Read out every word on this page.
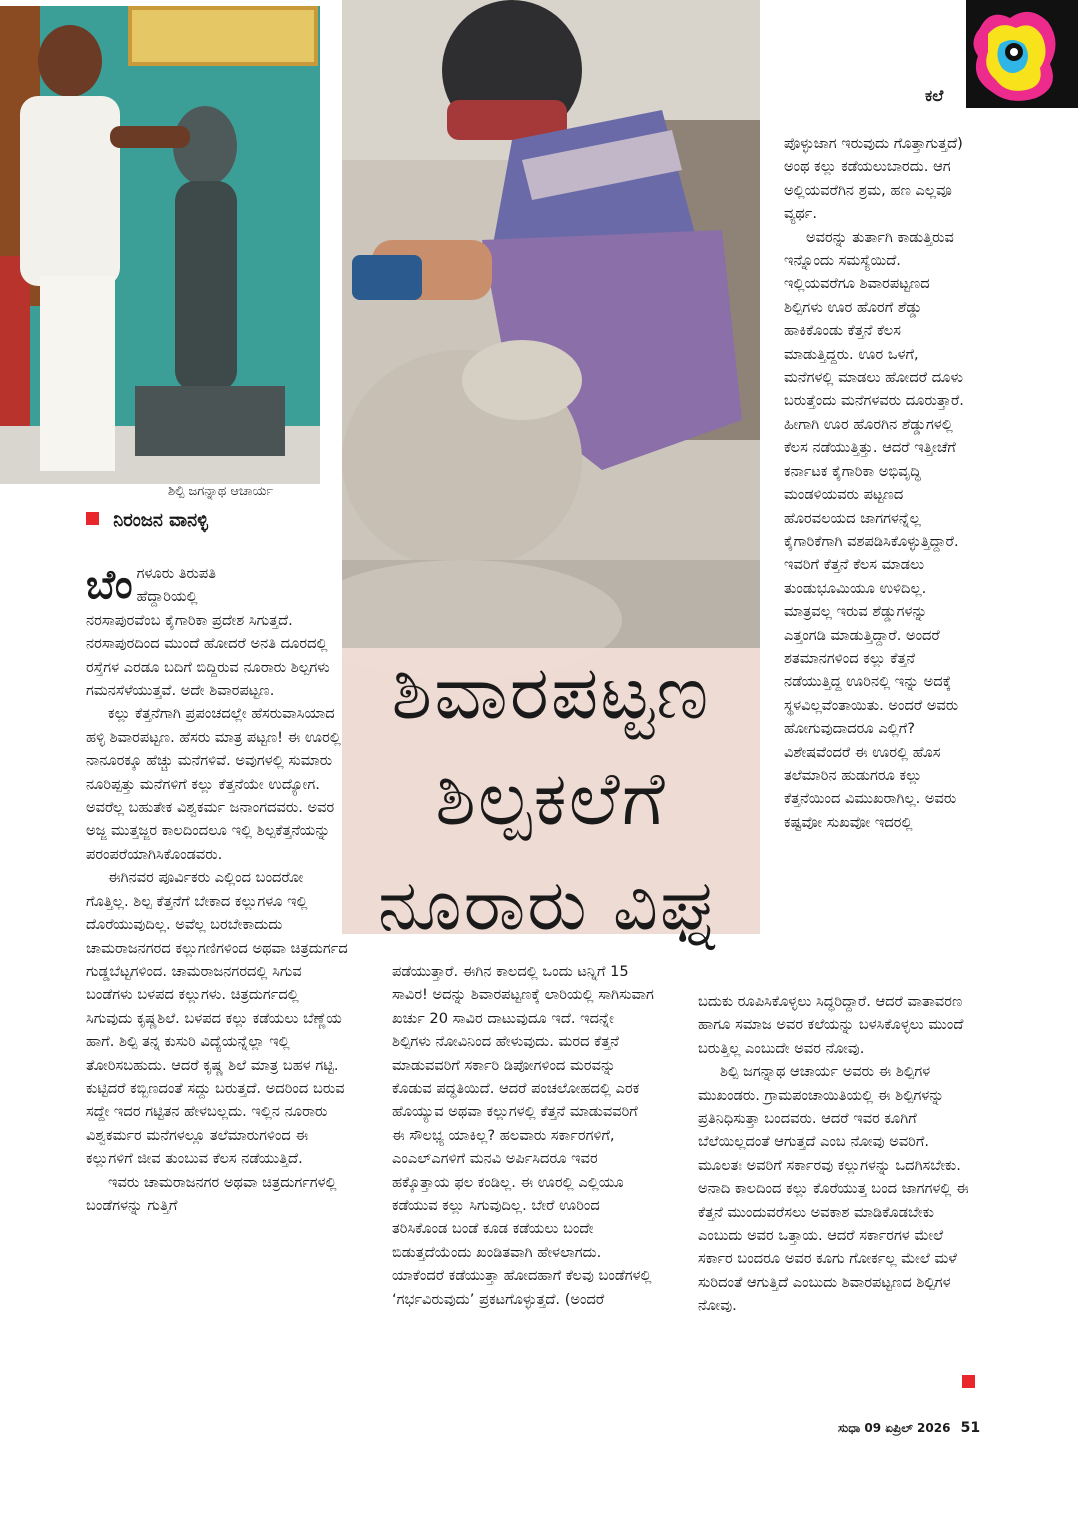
ಶಿವಾರಪಟ್ಟಣ
ಶಿಲ್ಪಕಲೆಗೆ
ನೂರಾರು ವಿಘ್ನ
ಕಲೆ
ಶಿಲ್ಪಿ ಜಗನ್ನಾಥ ಆಚಾರ್ಯ
ನಿರಂಜನ ವಾನಳ್ಳಿ
ಬೆಂ ಗಳೂರು ತಿರುಪತಿ
ಹೆದ್ದಾರಿಯಲ್ಲಿ

ನರಸಾಪುರವೆಂಬ ಕೈಗಾರಿಕಾ ಪ್ರದೇಶ ಸಿಗುತ್ತದೆ. ನರಸಾಪುರದಿಂದ ಮುಂದೆ ಹೋದರೆ ಅನತಿ ದೂರದಲ್ಲಿ ರಸ್ತೆಗಳ ಎರಡೂ ಬದಿಗೆ ಬಿದ್ದಿರುವ ನೂರಾರು ಶಿಲ್ಪಗಳು ಗಮನಸೆಳೆಯುತ್ತವೆ. ಅದೇ ಶಿವಾರಪಟ್ಟಣ.

ಕಲ್ಲು ಕೆತ್ತನೆಗಾಗಿ ಪ್ರಪಂಚದಲ್ಲೇ ಹೆಸರುವಾಸಿಯಾದ ಹಳ್ಳಿ ಶಿವಾರಪಟ್ಟಣ. ಹೆಸರು ಮಾತ್ರ ಪಟ್ಟಣ! ಈ ಊರಲ್ಲಿ ನಾನೂರಕ್ಕೂ ಹೆಚ್ಚು ಮನೆಗಳಿವೆ. ಅವುಗಳಲ್ಲಿ ಸುಮಾರು ನೂರಿಪ್ಪತ್ತು ಮನೆಗಳಿಗೆ ಕಲ್ಲು ಕೆತ್ತನೆಯೇ ಉದ್ಯೋಗ. ಅವರೆಲ್ಲ ಬಹುತೇಕ ವಿಶ್ವಕರ್ಮ ಜನಾಂಗದವರು. ಅವರ ಅಜ್ಜ ಮುತ್ತಜ್ಜರ ಕಾಲದಿಂದಲೂ ಇಲ್ಲಿ ಶಿಲ್ಪಕೆತ್ತನೆಯನ್ನು ಪರಂಪರೆಯಾಗಿಸಿಕೊಂಡವರು.

ಈಗಿನವರ ಪೂರ್ವಿಕರು ಎಲ್ಲಿಂದ ಬಂದರೋ ಗೊತ್ತಿಲ್ಲ. ಶಿಲ್ಪ ಕೆತ್ತನೆಗೆ ಬೇಕಾದ ಕಲ್ಲುಗಳೂ ಇಲ್ಲಿ ದೊರೆಯುವುದಿಲ್ಲ. ಅವೆಲ್ಲ ಬರಬೇಕಾದುದು ಚಾಮರಾಜನಗರದ ಕಲ್ಲುಗಣಿಗಳಿಂದ ಅಥವಾ ಚಿತ್ರದುರ್ಗದ ಗುಡ್ಡಬೆಟ್ಟಗಳಿಂದ. ಚಾಮರಾಜನಗರದಲ್ಲಿ ಸಿಗುವ ಬಂಡೆಗಳು ಬಳಪದ ಕಲ್ಲುಗಳು. ಚಿತ್ರದುರ್ಗದಲ್ಲಿ ಸಿಗುವುದು ಕೃಷ್ಣಶಿಲೆ. ಬಳಪದ ಕಲ್ಲು ಕಡೆಯಲು ಬೆಣ್ಣೆಯ ಹಾಗೆ. ಶಿಲ್ಪಿ ತನ್ನ ಕುಸುರಿ ವಿದ್ಯೆಯನ್ನೆಲ್ಲಾ ಇಲ್ಲಿ ತೋರಿಸಬಹುದು. ಆದರೆ ಕೃಷ್ಣ ಶಿಲೆ ಮಾತ್ರ ಬಹಳ ಗಟ್ಟಿ. ಕುಟ್ಟಿದರೆ ಕಬ್ಬಿಣದಂತೆ ಸದ್ದು ಬರುತ್ತದೆ. ಅದರಿಂದ ಬರುವ ಸದ್ದೇ ಇದರ ಗಟ್ಟಿತನ ಹೇಳಬಲ್ಲದು. ಇಲ್ಲಿನ ನೂರಾರು ವಿಶ್ವಕರ್ಮರ ಮನೆಗಳಲ್ಲೂ ತಲೆಮಾರುಗಳಿಂದ ಈ ಕಲ್ಲುಗಳಿಗೆ ಜೀವ ತುಂಬುವ ಕೆಲಸ ನಡೆಯುತ್ತಿದೆ.

ಇವರು ಚಾಮರಾಜನಗರ ಅಥವಾ ಚಿತ್ರದುರ್ಗಗಳಲ್ಲಿ ಬಂಡೆಗಳನ್ನು ಗುತ್ತಿಗೆ

ಪಡೆಯುತ್ತಾರೆ. ಈಗಿನ ಕಾಲದಲ್ಲಿ ಒಂದು ಟನ್ನಿಗೆ 15 ಸಾವಿರ! ಅದನ್ನು ಶಿವಾರಪಟ್ಟಣಕ್ಕೆ ಲಾರಿಯಲ್ಲಿ ಸಾಗಿಸುವಾಗ ಖರ್ಚು 20 ಸಾವಿರ ದಾಟುವುದೂ ಇದೆ. ಇದನ್ನೇ ಶಿಲ್ಪಿಗಳು ನೋವಿನಿಂದ ಹೇಳುವುದು. ಮರದ ಕೆತ್ತನೆ ಮಾಡುವವರಿಗೆ ಸರ್ಕಾರಿ ಡಿಪೋಗಳಿಂದ ಮರವನ್ನು ಕೊಡುವ ಪದ್ಧತಿಯಿದೆ. ಆದರೆ ಪಂಚಲೋಹದಲ್ಲಿ ಎರಕ ಹೊಯ್ಯುವ ಅಥವಾ ಕಲ್ಲುಗಳಲ್ಲಿ ಕೆತ್ತನೆ ಮಾಡುವವರಿಗೆ ಈ ಸೌಲಭ್ಯ ಯಾಕಿಲ್ಲ? ಹಲವಾರು ಸರ್ಕಾರಗಳಿಗೆ, ಎಂಎಲ್‌ಎಗಳಿಗೆ ಮನವಿ ಅರ್ಪಿಸಿದರೂ ಇವರ ಹಕ್ಕೊತ್ತಾಯ ಫಲ ಕಂಡಿಲ್ಲ. ಈ ಊರಲ್ಲಿ ಎಲ್ಲಿಯೂ ಕಡೆಯುವ ಕಲ್ಲು ಸಿಗುವುದಿಲ್ಲ. ಬೇರೆ ಊರಿಂದ ತರಿಸಿಕೊಂಡ ಬಂಡೆ ಕೂಡ ಕಡೆಯಲು ಬಂದೇ ಬಿಡುತ್ತದೆಯೆಂದು ಖಂಡಿತವಾಗಿ ಹೇಳಲಾಗದು. ಯಾಕೆಂದರೆ ಕಡೆಯುತ್ತಾ ಹೋದಹಾಗೆ ಕೆಲವು ಬಂಡೆಗಳಲ್ಲಿ ‘ಗರ್ಭವಿರುವುದು’ ಪ್ರಕಟಗೊಳ್ಳುತ್ತದೆ. (ಅಂದರೆ

ಪೊಳ್ಳುಜಾಗ ಇರುವುದು ಗೊತ್ತಾಗುತ್ತದೆ) ಅಂಥ ಕಲ್ಲು ಕಡೆಯಲುಬಾರದು. ಆಗ ಅಲ್ಲಿಯವರೆಗಿನ ಶ್ರಮ, ಹಣ ಎಲ್ಲವೂ ವ್ಯರ್ಥ.

ಅವರನ್ನು ತುರ್ತಾಗಿ ಕಾಡುತ್ತಿರುವ ಇನ್ನೊಂದು ಸಮಸ್ಯೆಯಿದೆ. ಇಲ್ಲಿಯವರೆಗೂ ಶಿವಾರಪಟ್ಟಣದ ಶಿಲ್ಪಿಗಳು ಊರ ಹೊರಗೆ ಶೆಡ್ಡು ಹಾಕಿಕೊಂಡು ಕೆತ್ತನೆ ಕೆಲಸ ಮಾಡುತ್ತಿದ್ದರು. ಊರ ಒಳಗೆ, ಮನೆಗಳಲ್ಲಿ ಮಾಡಲು ಹೋದರೆ ದೂಳು ಬರುತ್ತೆಂದು ಮನೆಗಳವರು ದೂರುತ್ತಾರೆ. ಹೀಗಾಗಿ ಊರ ಹೊರಗಿನ ಶೆಡ್ಡುಗಳಲ್ಲಿ ಕೆಲಸ ನಡೆಯುತ್ತಿತ್ತು. ಆದರೆ ಇತ್ತೀಚೆಗೆ ಕರ್ನಾಟಕ ಕೈಗಾರಿಕಾ ಅಭಿವೃದ್ಧಿ ಮಂಡಳಿಯವರು ಪಟ್ಟಣದ ಹೊರವಲಯದ ಜಾಗಗಳನ್ನೆಲ್ಲ ಕೈಗಾರಿಕೆಗಾಗಿ ವಶಪಡಿಸಿಕೊಳ್ಳುತ್ತಿದ್ದಾರೆ. ಇವರಿಗೆ ಕೆತ್ತನೆ ಕೆಲಸ ಮಾಡಲು ತುಂಡುಭೂಮಿಯೂ ಉಳಿದಿಲ್ಲ. ಮಾತ್ರವಲ್ಲ ಇರುವ ಶೆಡ್ಡುಗಳನ್ನು ಎತ್ತಂಗಡಿ ಮಾಡುತ್ತಿದ್ದಾರೆ. ಅಂದರೆ ಶತಮಾನಗಳಿಂದ ಕಲ್ಲು ಕೆತ್ತನೆ ನಡೆಯುತ್ತಿದ್ದ ಊರಿನಲ್ಲಿ ಇನ್ನು ಅದಕ್ಕೆ ಸ್ಥಳವಿಲ್ಲವೆಂತಾಯಿತು. ಅಂದರೆ ಅವರು ಹೋಗುವುದಾದರೂ ಎಲ್ಲಿಗೆ? ವಿಶೇಷವೆಂದರೆ ಈ ಊರಲ್ಲಿ ಹೊಸ ತಲೆಮಾರಿನ ಹುಡುಗರೂ ಕಲ್ಲು ಕೆತ್ತನೆಯಿಂದ ವಿಮುಖರಾಗಿಲ್ಲ. ಅವರು ಕಷ್ಟವೋ ಸುಖವೋ ಇದರಲ್ಲಿ

ಬದುಕು ರೂಪಿಸಿಕೊಳ್ಳಲು ಸಿದ್ಧರಿದ್ದಾರೆ. ಆದರೆ ವಾತಾವರಣ ಹಾಗೂ ಸಮಾಜ ಅವರ ಕಲೆಯನ್ನು ಬಳಸಿಕೊಳ್ಳಲು ಮುಂದೆ ಬರುತ್ತಿಲ್ಲ ಎಂಬುದೇ ಅವರ ನೋವು.

ಶಿಲ್ಪಿ ಜಗನ್ನಾಥ ಆಚಾರ್ಯ ಅವರು ಈ ಶಿಲ್ಪಿಗಳ ಮುಖಂಡರು. ಗ್ರಾಮಪಂಚಾಯಿತಿಯಲ್ಲಿ ಈ ಶಿಲ್ಪಿಗಳನ್ನು ಪ್ರತಿನಿಧಿಸುತ್ತಾ ಬಂದವರು. ಆದರೆ ಇವರ ಕೂಗಿಗೆ ಬೆಲೆಯಿಲ್ಲದಂತೆ ಆಗುತ್ತದೆ ಎಂಬ ನೋವು ಅವರಿಗೆ. ಮೂಲತಃ ಅವರಿಗೆ ಸರ್ಕಾರವು ಕಲ್ಲುಗಳನ್ನು ಒದಗಿಸಬೇಕು. ಅನಾದಿ ಕಾಲದಿಂದ ಕಲ್ಲು ಕೊರೆಯುತ್ತ ಬಂದ ಜಾಗಗಳಲ್ಲಿ ಈ ಕೆತ್ತನೆ ಮುಂದುವರೆಸಲು ಅವಕಾಶ ಮಾಡಿಕೊಡಬೇಕು ಎಂಬುದು ಅವರ ಒತ್ತಾಯ. ಆದರೆ ಸರ್ಕಾರಗಳ ಮೇಲೆ ಸರ್ಕಾರ ಬಂದರೂ ಅವರ ಕೂಗು ಗೋರ್ಕಲ್ಲ ಮೇಲೆ ಮಳೆ ಸುರಿದಂತೆ ಆಗುತ್ತಿದೆ ಎಂಬುದು ಶಿವಾರಪಟ್ಟಣದ ಶಿಲ್ಪಿಗಳ ನೋವು.

ಸುಧಾ 09 ಏಪ್ರಿಲ್ 2026 51
